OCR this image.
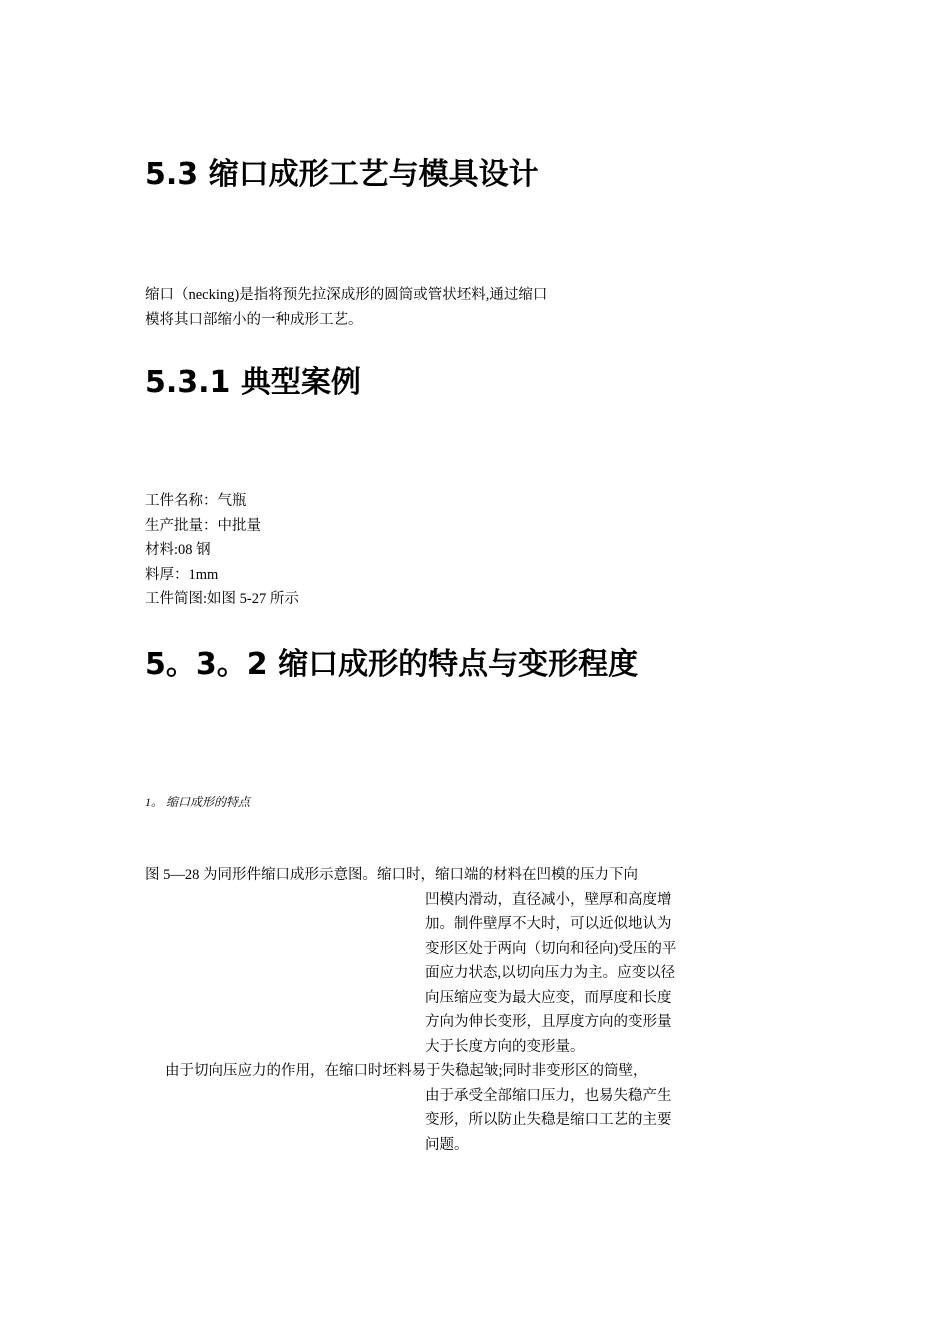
5.3 缩口成形工艺与模具设计
缩口（necking)是指将预先拉深成形的圆筒或管状坯料,通过缩口
模将其口部缩小的一种成形工艺。
5.3.1 典型案例
工件名称：气瓶
生产批量：中批量
材料:08 钢
料厚：1mm
工件简图:如图 5-27 所示
5。3。2 缩口成形的特点与变形程度
1。 缩口成形的特点
图 5—28 为同形件缩口成形示意图。缩口时，缩口端的材料在凹模的压力下向
凹模内滑动，直径减小，壁厚和高度增
加。制件壁厚不大时，可以近似地认为
变形区处于两向（切向和径向)受压的平
面应力状态,以切向压力为主。应变以径
向压缩应变为最大应变，而厚度和长度
方向为伸长变形，且厚度方向的变形量
大于长度方向的变形量。
由于切向压应力的作用，在缩口时坯料易于失稳起皱;同时非变形区的筒壁，
由于承受全部缩口压力，也易失稳产生
变形，所以防止失稳是缩口工艺的主要
问题。
